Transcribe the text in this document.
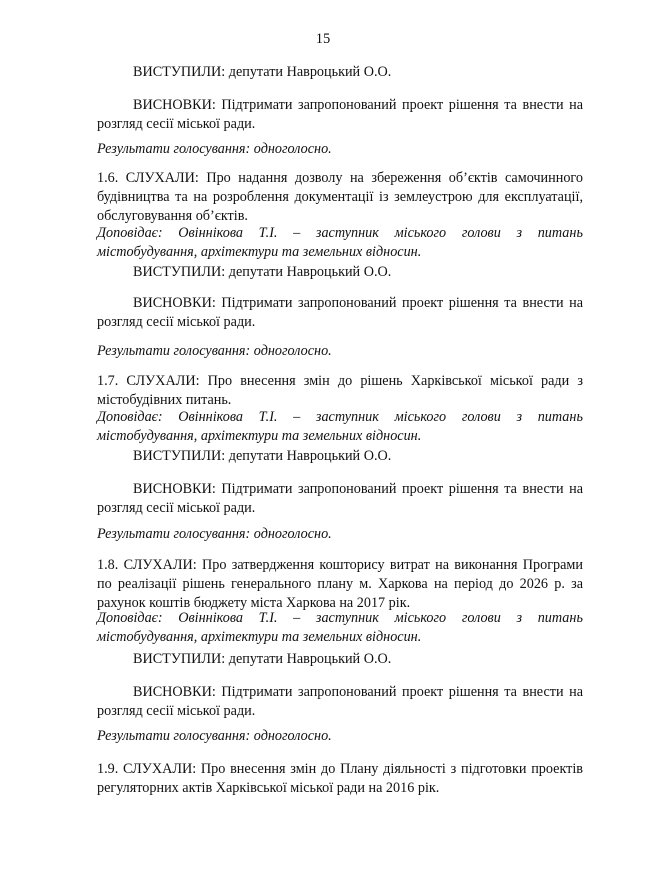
15
ВИСТУПИЛИ: депутати Навроцький О.О.
ВИСНОВКИ: Підтримати запропонований проект рішення та внести на розгляд сесії міської ради.
Результати голосування: одноголосно.
1.6. СЛУХАЛИ: Про надання дозволу на збереження об’єктів самочинного будівництва та на розроблення документації із землеустрою для експлуатації, обслуговування об’єктів.
Доповідає: Овіннікова Т.І. – заступник міського голови з питань
містобудування, архітектури та земельних відносин.
ВИСТУПИЛИ: депутати Навроцький О.О.
ВИСНОВКИ: Підтримати запропонований проект рішення та внести на розгляд сесії міської ради.
Результати голосування: одноголосно.
1.7. СЛУХАЛИ: Про внесення змін до рішень Харківської міської ради з містобудівних питань.
Доповідає: Овіннікова Т.І. – заступник міського голови з питань
містобудування, архітектури та земельних відносин.
ВИСТУПИЛИ: депутати Навроцький О.О.
ВИСНОВКИ: Підтримати запропонований проект рішення та внести на розгляд сесії міської ради.
Результати голосування: одноголосно.
1.8. СЛУХАЛИ: Про затвердження кошторису витрат на виконання Програми по реалізації рішень генерального плану м. Харкова на період до 2026 р. за рахунок коштів бюджету міста Харкова на 2017 рік.
Доповідає: Овіннікова Т.І. – заступник міського голови з питань
містобудування, архітектури та земельних відносин.
ВИСТУПИЛИ: депутати Навроцький О.О.
ВИСНОВКИ: Підтримати запропонований проект рішення та внести на розгляд сесії міської ради.
Результати голосування: одноголосно.
1.9. СЛУХАЛИ: Про внесення змін до Плану діяльності з підготовки проектів регуляторних актів Харківської міської ради на 2016 рік.
